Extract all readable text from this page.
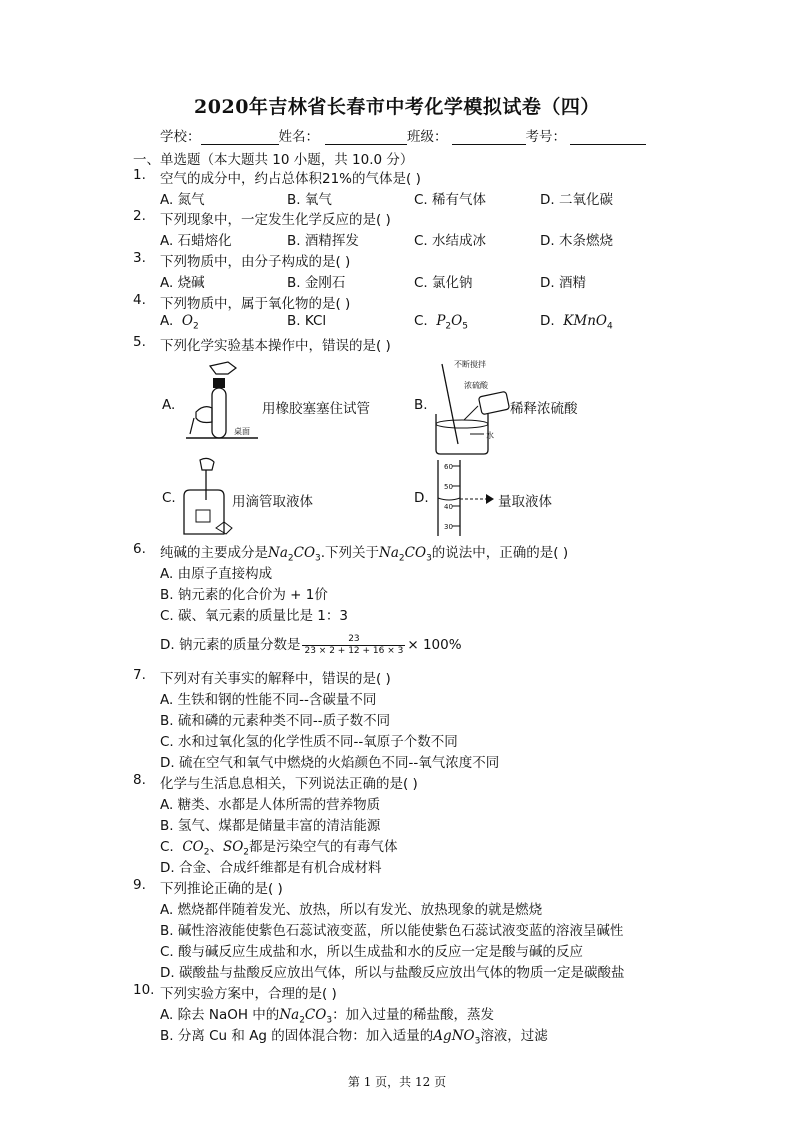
2020年吉林省长春市中考化学模拟试卷（四）
学校：	姓名：	班级：	考号：
一、单选题（本大题共 10 小题，共 10.0 分）
1. 空气的成分中，约占总体积21%的气体是( )
A. 氮气	B. 氧气	C. 稀有气体	D. 二氧化碳
2. 下列现象中，一定发生化学反应的是( )
A. 石蜡熔化	B. 酒精挥发	C. 水结成冰	D. 木条燃烧
3. 下列物质中，由分子构成的是( )
A. 烧碱	B. 金刚石	C. 氯化钠	D. 酒精
4. 下列物质中，属于氧化物的是( )
A. $O_2$	B. KCl	C. $P_2O_5$	D. KMnO$_4$
5. 下列化学实验基本操作中，错误的是( )
A.
桌面
用橡胶塞塞住试管	B.
不断搅拌
浓硫酸
水
稀释浓硫酸
C.	用滴管取液体	D.
60
50
40
30
量取液体
6. 纯碱的主要成分是$Na_2CO_3$.下列关于$Na_2CO_3$的说法中，正确的是( )
A. 由原子直接构成
B. 钠元素的化合价为 + 1价
C. 碳、氧元素的质量比是 1：3
D. 钠元素的质量分数是 $\frac{23}{23 \times 2 + 12 + 16 \times 3} \times 100\%$
7. 下列对有关事实的解释中，错误的是( )
A. 生铁和钢的性能不同--含碳量不同
B. 硫和磷的元素种类不同--质子数不同
C. 水和过氧化氢的化学性质不同--氧原子个数不同
D. 硫在空气和氧气中燃烧的火焰颜色不同--氧气浓度不同
8. 化学与生活息息相关，下列说法正确的是( )
A. 糖类、水都是人体所需的营养物质
B. 氢气、煤都是储量丰富的清洁能源
C. $CO_2$、$SO_2$都是污染空气的有毒气体
D. 合金、合成纤维都是有机合成材料
9. 下列推论正确的是( )
A. 燃烧都伴随着发光、放热，所以有发光、放热现象的就是燃烧
B. 碱性溶液能使紫色石蕊试液变蓝，所以能使紫色石蕊试液变蓝的溶液呈碱性
C. 酸与碱反应生成盐和水，所以生成盐和水的反应一定是酸与碱的反应
D. 碳酸盐与盐酸反应放出气体，所以与盐酸反应放出气体的物质一定是碳酸盐
10. 下列实验方案中，合理的是( )
A. 除去 NaOH 中的$Na_2CO_3$：加入过量的稀盐酸，蒸发
B. 分离 Cu 和 Ag 的固体混合物：加入适量的AgNO$_3$溶液，过滤
第 1 页，共 12 页
